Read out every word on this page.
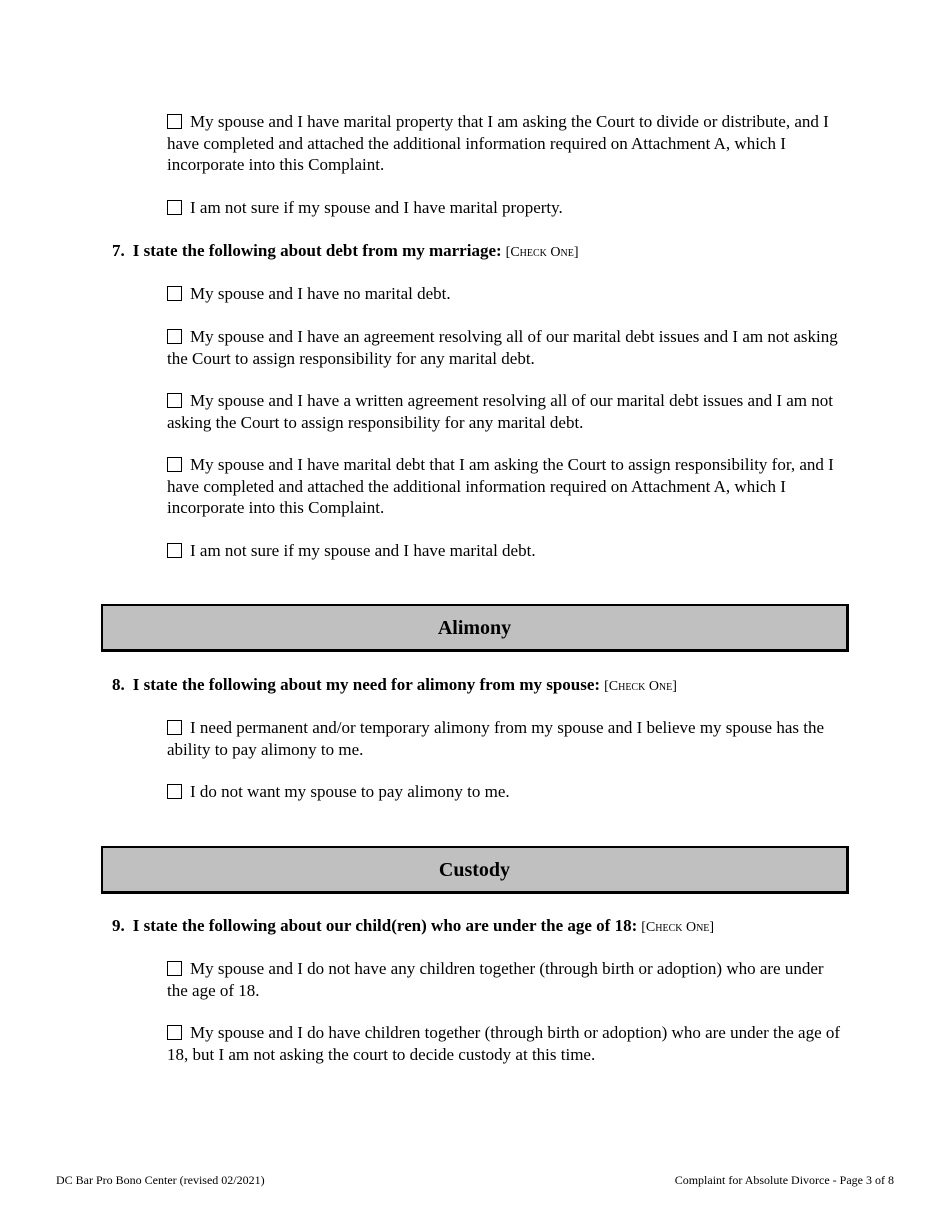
My spouse and I have marital property that I am asking the Court to divide or distribute, and I have completed and attached the additional information required on Attachment A, which I incorporate into this Complaint.
I am not sure if my spouse and I have marital property.
7. I state the following about debt from my marriage: [Check One]
My spouse and I have no marital debt.
My spouse and I have an agreement resolving all of our marital debt issues and I am not asking the Court to assign responsibility for any marital debt.
My spouse and I have a written agreement resolving all of our marital debt issues and I am not asking the Court to assign responsibility for any marital debt.
My spouse and I have marital debt that I am asking the Court to assign responsibility for, and I have completed and attached the additional information required on Attachment A, which I incorporate into this Complaint.
I am not sure if my spouse and I have marital debt.
Alimony
8. I state the following about my need for alimony from my spouse: [Check One]
I need permanent and/or temporary alimony from my spouse and I believe my spouse has the ability to pay alimony to me.
I do not want my spouse to pay alimony to me.
Custody
9. I state the following about our child(ren) who are under the age of 18: [Check One]
My spouse and I do not have any children together (through birth or adoption) who are under the age of 18.
My spouse and I do have children together (through birth or adoption) who are under the age of 18, but I am not asking the court to decide custody at this time.
DC Bar Pro Bono Center (revised 02/2021)	Complaint for Absolute Divorce - Page 3 of 8
